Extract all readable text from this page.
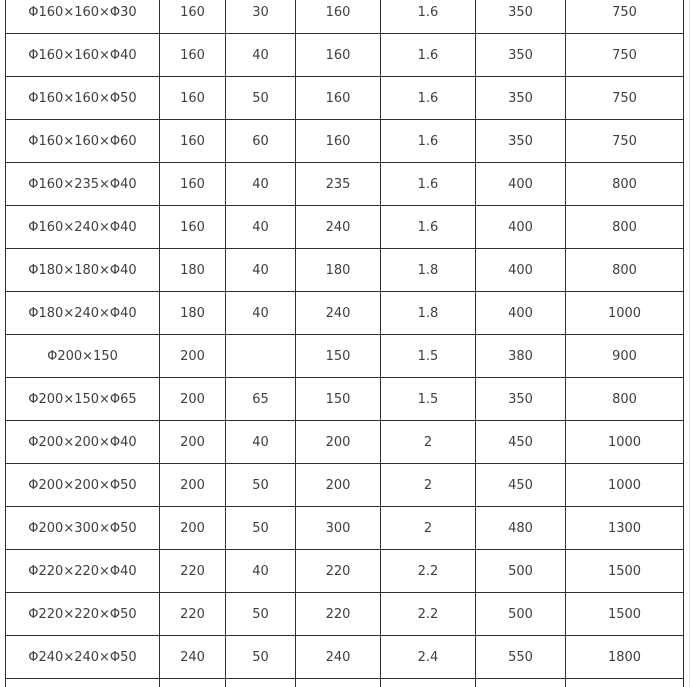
Φ160×160×Φ30	160	30	160	1.6	350	750
Φ160×160×Φ40	160	40	160	1.6	350	750
Φ160×160×Φ50	160	50	160	1.6	350	750
Φ160×160×Φ60	160	60	160	1.6	350	750
Φ160×235×Φ40	160	40	235	1.6	400	800
Φ160×240×Φ40	160	40	240	1.6	400	800
Φ180×180×Φ40	180	40	180	1.8	400	800
Φ180×240×Φ40	180	40	240	1.8	400	1000
Φ200×150	200		150	1.5	380	900
Φ200×150×Φ65	200	65	150	1.5	350	800
Φ200×200×Φ40	200	40	200	2	450	1000
Φ200×200×Φ50	200	50	200	2	450	1000
Φ200×300×Φ50	200	50	300	2	480	1300
Φ220×220×Φ40	220	40	220	2.2	500	1500
Φ220×220×Φ50	220	50	220	2.2	500	1500
Φ240×240×Φ50	240	50	240	2.4	550	1800
